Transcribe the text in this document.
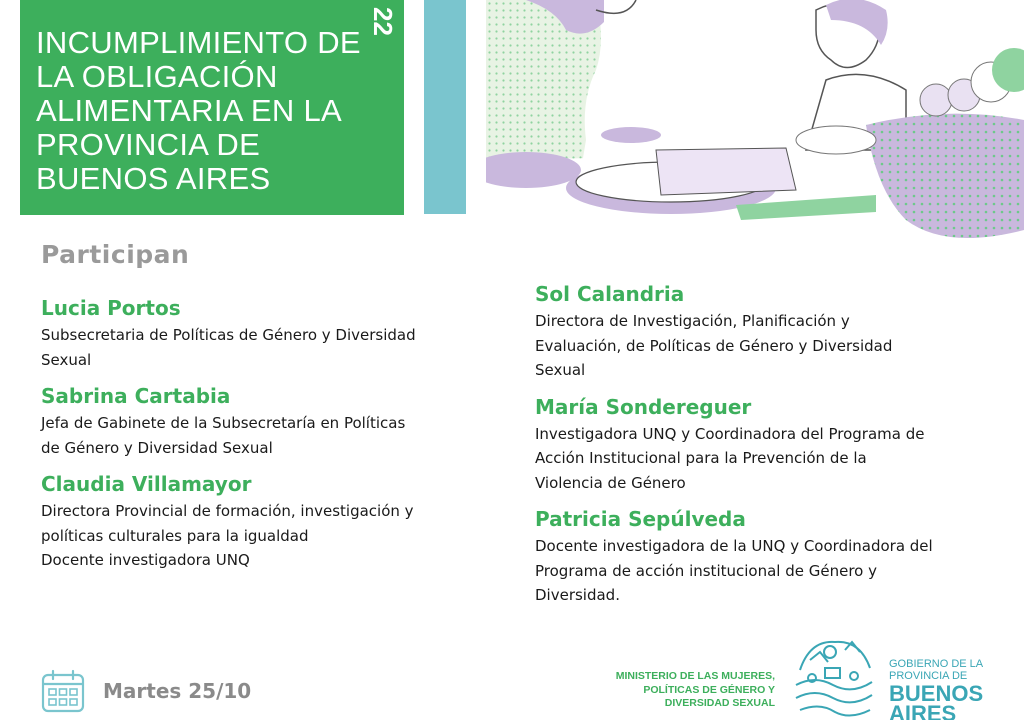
22
INCUMPLIMIENTO DE LA OBLIGACIÓN ALIMENTARIA EN LA PROVINCIA DE BUENOS AIRES
Participan
Lucia Portos
Subsecretaria de Políticas de Género y Diversidad
Sexual
Sabrina Cartabia
Jefa de Gabinete de la Subsecretaría en Políticas
de Género y Diversidad Sexual
Claudia Villamayor
Directora Provincial de formación, investigación y
políticas culturales para la igualdad
Docente investigadora UNQ
Sol Calandria
Directora de Investigación, Planificación y
Evaluación, de Políticas de Género y Diversidad
Sexual
María Sondereguer
Investigadora UNQ y Coordinadora del Programa de
Acción Institucional para la Prevención de la
Violencia de Género
Patricia Sepúlveda
Docente investigadora de la UNQ y Coordinadora del
Programa de acción institucional de Género y
Diversidad.
Martes 25/10
MINISTERIO DE LAS MUJERES,
POLÍTICAS DE GÉNERO Y
DIVERSIDAD SEXUAL
GOBIERNO DE LA
PROVINCIA DE
BUENOS
AIRES
